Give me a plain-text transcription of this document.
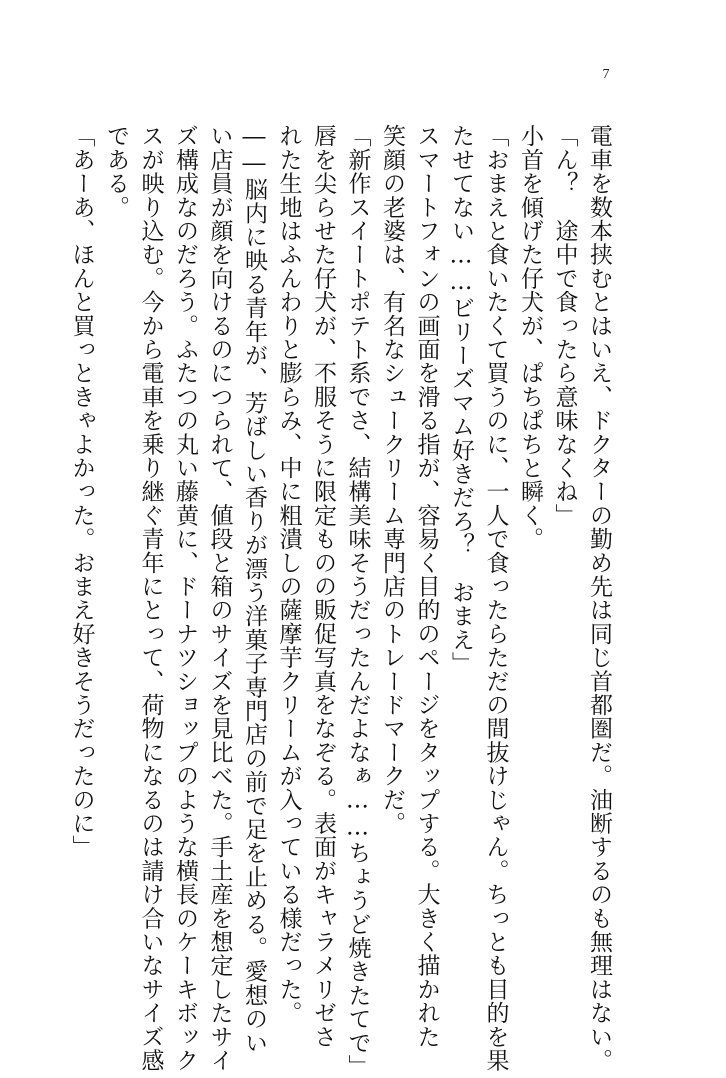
7

電車を数本挟むとはいえ、ドクターの勤め先は同じ首都圏だ。油断するのも無理はない。

「ん？　途中で食ったら意味なくね」

小首を傾げた仔犬が、ぱちぱちと瞬く。

「おまえと食いたくて買うのに、一人で食ったらただの間抜けじゃん。ちっとも目的を果

たせてない……ビリーズマム好きだろ？　おまえ」

スマートフォンの画面を滑る指が、容易く目的のページをタップする。大きく描かれた

笑顔の老婆は、有名なシュークリーム専門店のトレードマークだ。

「新作スイートポテト系でさ、結構美味そうだったんだよなぁ……ちょうど焼きたてで」

唇を尖らせた仔犬が、不服そうに限定ものの販促写真をなぞる。表面がキャラメリゼさ

れた生地はふんわりと膨らみ、中に粗潰しの薩摩芋クリームが入っている様だった。

――脳内に映る青年が、芳ばしい香りが漂う洋菓子専門店の前で足を止める。愛想のい

い店員が顔を向けるのにつられて、値段と箱のサイズを見比べた。手土産を想定したサイ

ズ構成なのだろう。ふたつの丸い藤黄に、ドーナツショップのような横長のケーキボック

スが映り込む。今から電車を乗り継ぐ青年にとって、荷物になるのは請け合いなサイズ感

である。

「あーあ、ほんと買っときゃよかった。おまえ好きそうだったのに」
